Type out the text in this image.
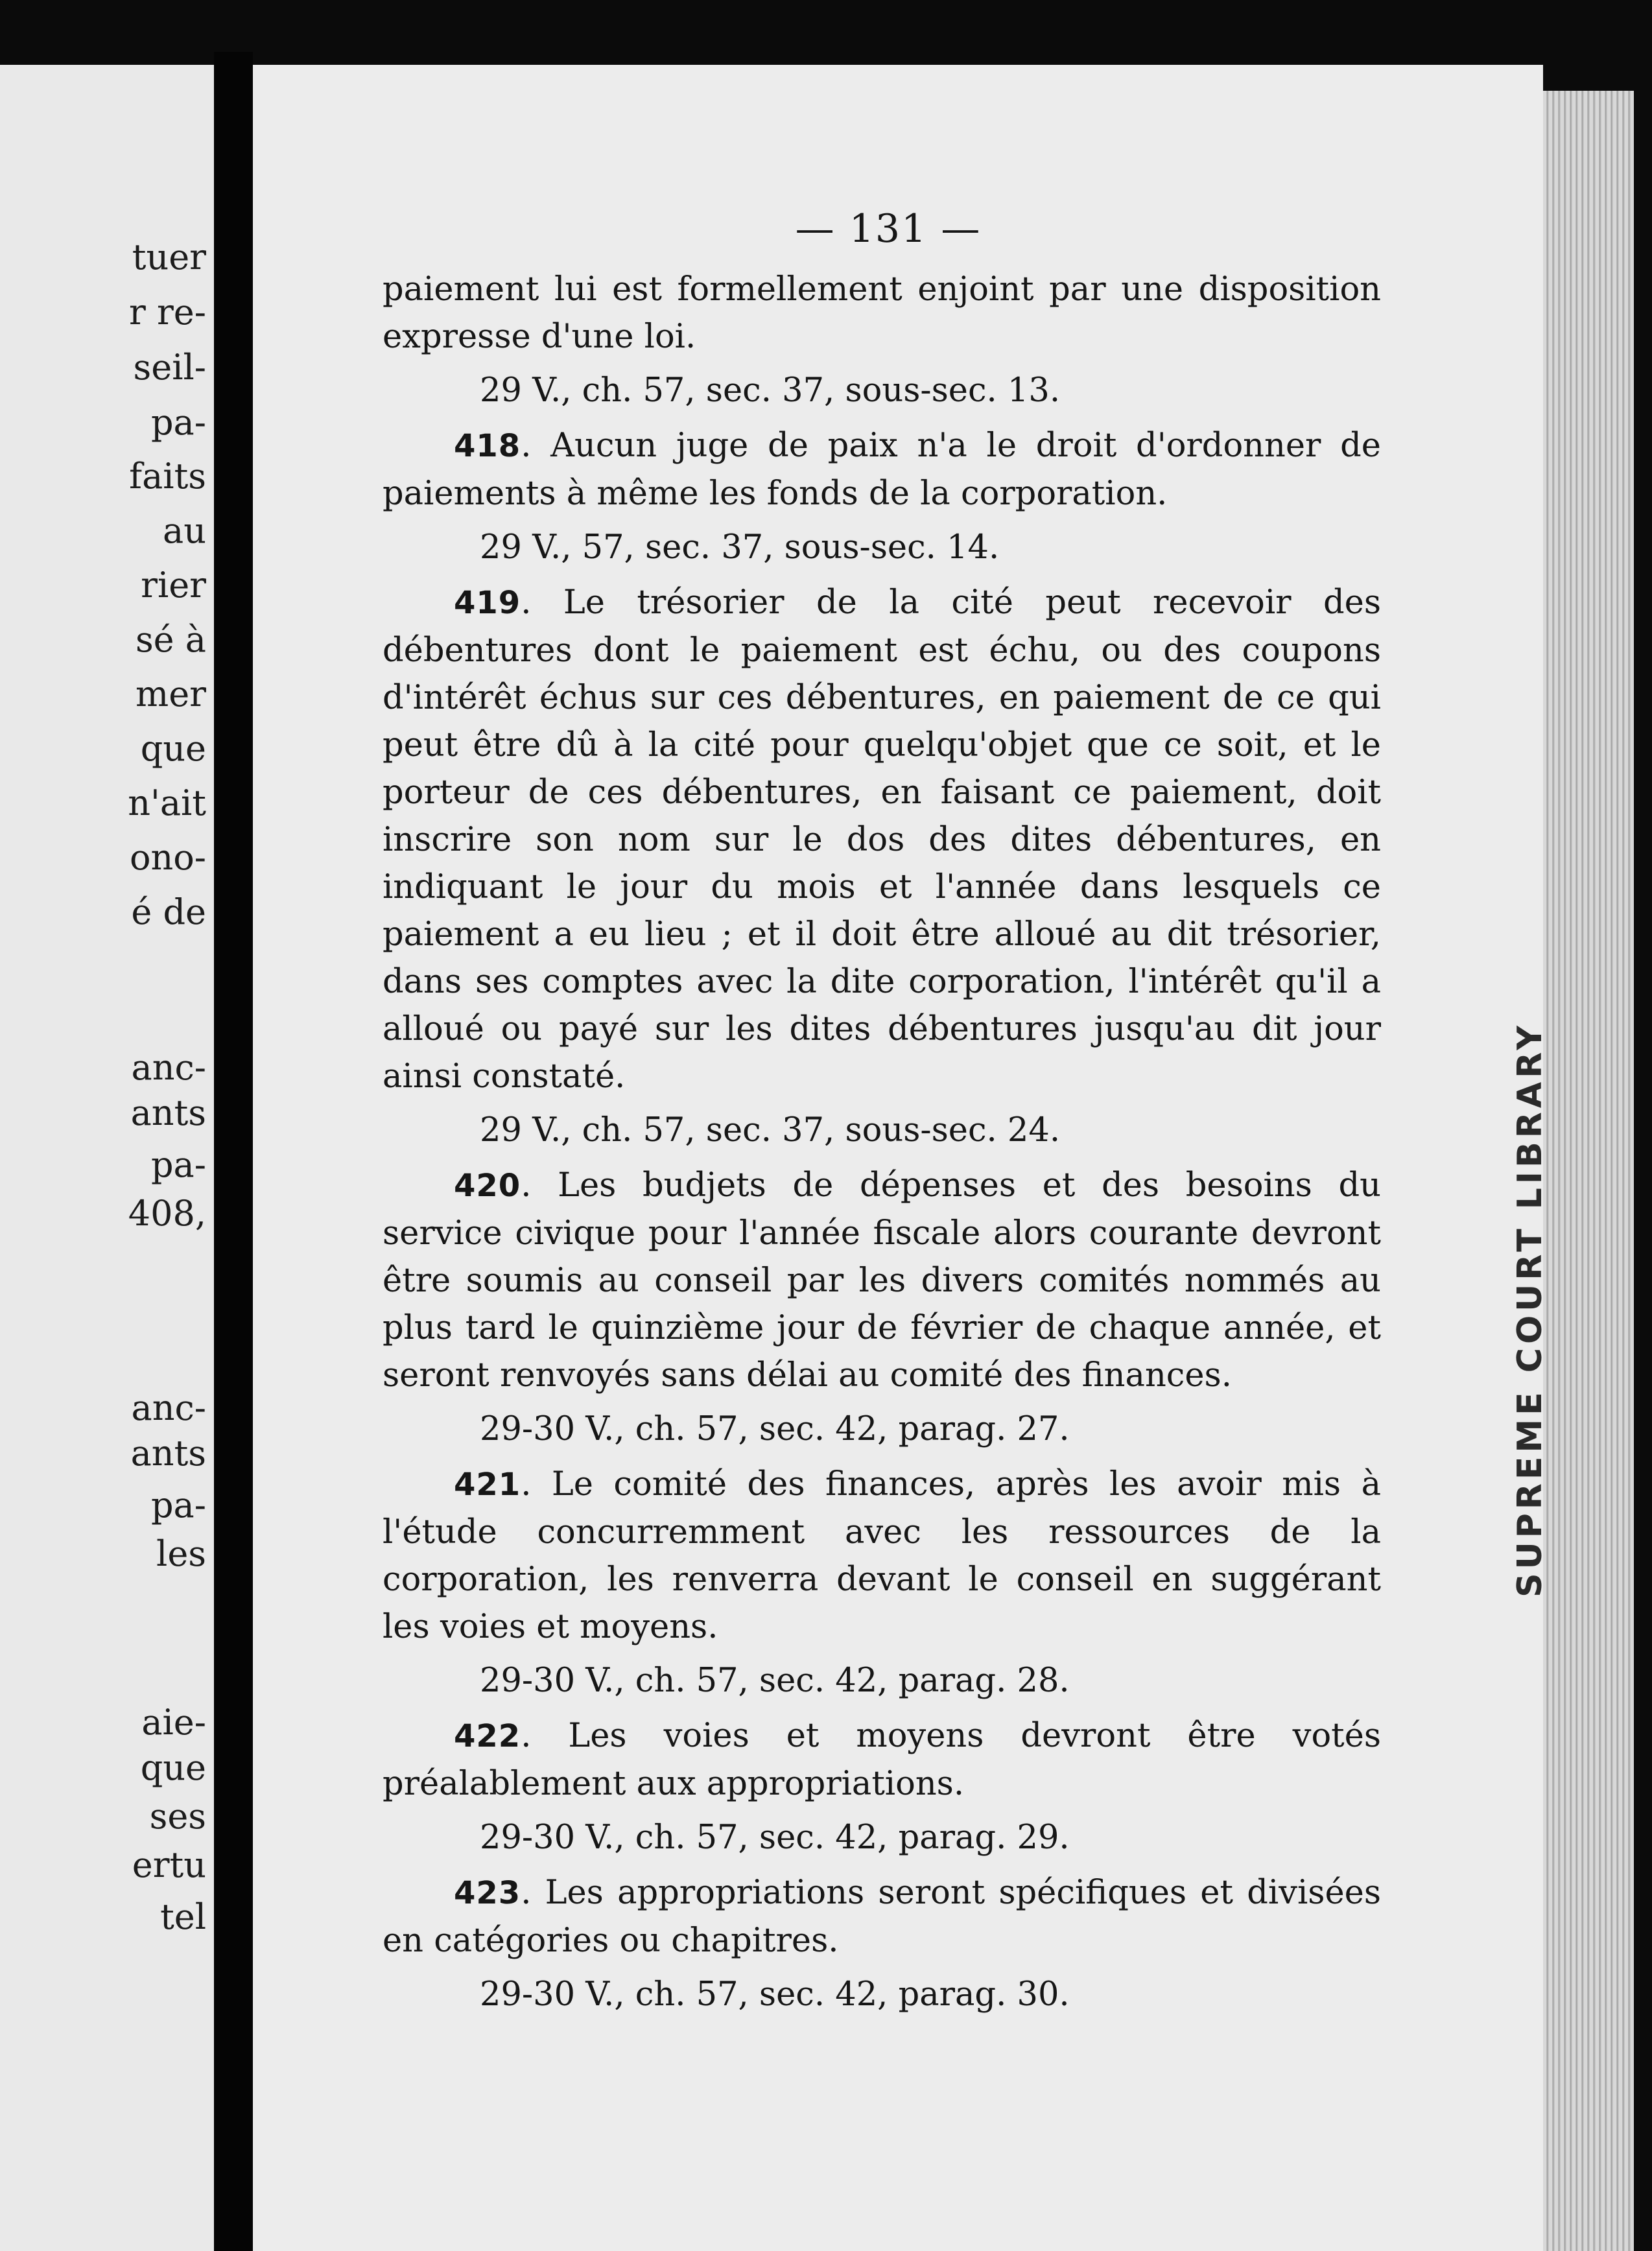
tuer
r re-
seil-
pa-
faits
au
rier
sé à
mer
que
n'ait
ono-
é de
anc-
ants
pa-
408,
anc-
ants
pa-
les
aie-
que
ses
ertu
tel
SUPREME COURT LIBRARY
— 131 —

paiement lui est formellement enjoint par une disposition expresse d'une loi.

29 V., ch. 57, sec. 37, sous-sec. 13.

418. Aucun juge de paix n'a le droit d'ordonner de paiements à même les fonds de la corporation.

29 V., 57, sec. 37, sous-sec. 14.

419. Le trésorier de la cité peut recevoir des débentures dont le paiement est échu, ou des coupons d'intérêt échus sur ces débentures, en paiement de ce qui peut être dû à la cité pour quelqu'objet que ce soit, et le porteur de ces débentures, en faisant ce paiement, doit inscrire son nom sur le dos des dites débentures, en indiquant le jour du mois et l'année dans lesquels ce paiement a eu lieu ; et il doit être alloué au dit trésorier, dans ses comptes avec la dite corporation, l'intérêt qu'il a alloué ou payé sur les dites débentures jusqu'au dit jour ainsi constaté.

29 V., ch. 57, sec. 37, sous-sec. 24.

420. Les budjets de dépenses et des besoins du service civique pour l'année fiscale alors courante devront être soumis au conseil par les divers comités nommés au plus tard le quinzième jour de février de chaque année, et seront renvoyés sans délai au comité des finances.

29-30 V., ch. 57, sec. 42, parag. 27.

421. Le comité des finances, après les avoir mis à l'étude concurremment avec les ressources de la corporation, les renverra devant le conseil en suggérant les voies et moyens.

29-30 V., ch. 57, sec. 42, parag. 28.

422. Les voies et moyens devront être votés préalablement aux appropriations.

29-30 V., ch. 57, sec. 42, parag. 29.

423. Les appropriations seront spécifiques et divisées en catégories ou chapitres.

29-30 V., ch. 57, sec. 42, parag. 30.
